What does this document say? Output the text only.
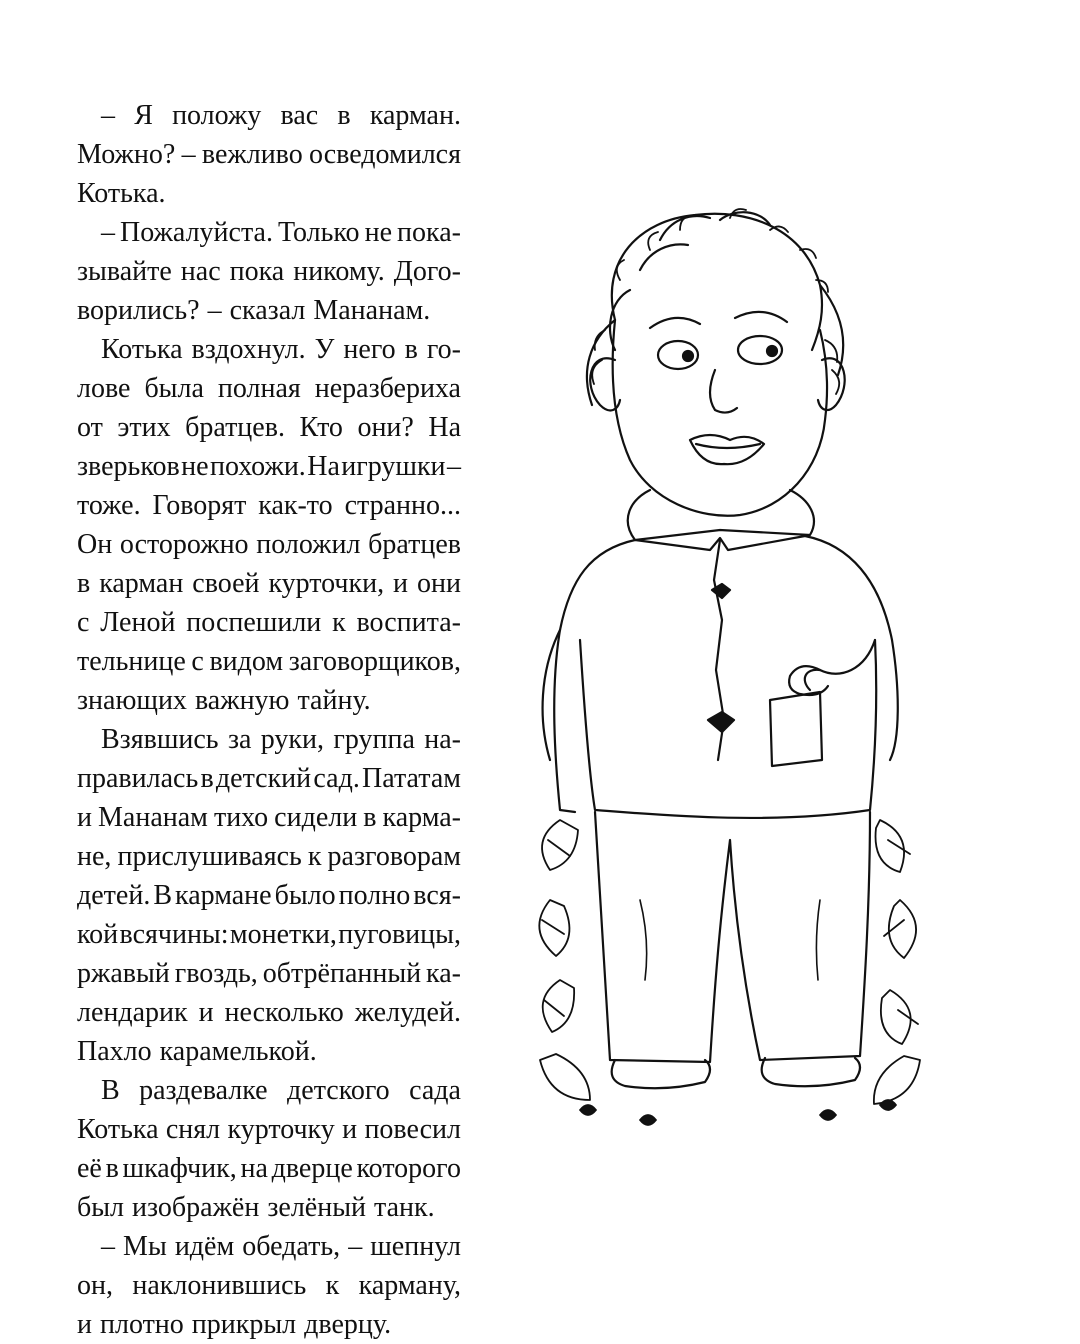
– Я положу вас в карман.
Можно? – вежливо осведомился
Котька.
– Пожалуйста. Только не пока-
зывайте нас пока никому. Дого-
ворились? – сказал Мананам.
Котька вздохнул. У него в го-
лове была полная неразбериха
от этих братцев. Кто они? На
зверьков не похожи. На игрушки –
тоже. Говорят как-то странно...
Он осторожно положил братцев
в карман своей курточки, и они
с Леной поспешили к воспита-
тельнице с видом заговорщиков,
знающих важную тайну.
Взявшись за руки, группа на-
правилась в детский сад. Пататам
и Мананам тихо сидели в карма-
не, прислушиваясь к разговорам
детей. В кармане было полно вся-
кой всячины: монетки, пуговицы,
ржавый гвоздь, обтрёпанный ка-
лендарик и несколько желудей.
Пахло карамелькой.
В раздевалке детского сада
Котька снял курточку и повесил
её в шкафчик, на дверце которого
был изображён зелёный танк.
– Мы идём обедать, – шепнул
он, наклонившись к карману,
и плотно прикрыл дверцу.
